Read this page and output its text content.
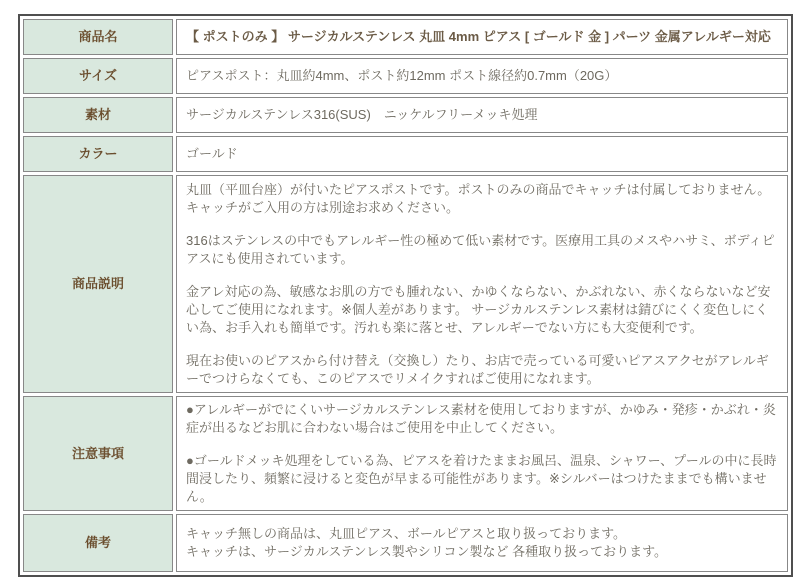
商品名	【 ポストのみ 】 サージカルステンレス 丸皿 4mm ピアス [ ゴールド 金 ] パーツ 金属アレルギー対応
サイズ	ピアスポスト：丸皿約4mm、ポスト約12mm ポスト線径約0.7mm（20G）
素材	サージカルステンレス316(SUS)　ニッケルフリーメッキ処理
カラー	ゴールド
商品説明	丸皿（平皿台座）が付いたピアスポストです。ポストのみの商品でキャッチは付属しておりません。キャッチがご入用の方は別途お求めください。

316はステンレスの中でもアレルギー性の極めて低い素材です。医療用工具のメスやハサミ、ボディピアスにも使用されています。

金アレ対応の為、敏感なお肌の方でも腫れない、かゆくならない、かぶれない、赤くならないなど安心してご使用になれます。※個人差があります。 サージカルステンレス素材は錆びにくく変色しにくい為、お手入れも簡単です。汚れも楽に落とせ、アレルギーでない方にも大変便利です。

現在お使いのピアスから付け替え（交換し）たり、お店で売っている可愛いピアスアクセがアレルギーでつけらなくても、このピアスでリメイクすればご使用になれます。

注意事項	●アレルギーがでにくいサージカルステンレス素材を使用しておりますが、かゆみ・発疹・かぶれ・炎症が出るなどお肌に合わない場合はご使用を中止してください。

●ゴールドメッキ処理をしている為、ピアスを着けたままお風呂、温泉、シャワー、プールの中に長時間浸したり、頻繁に浸けると変色が早まる可能性があります。※シルバーはつけたままでも構いません。

備考	キャッチ無しの商品は、丸皿ピアス、ボールピアスと取り扱っております。
キャッチは、サージカルステンレス製やシリコン製など 各種取り扱っております。
